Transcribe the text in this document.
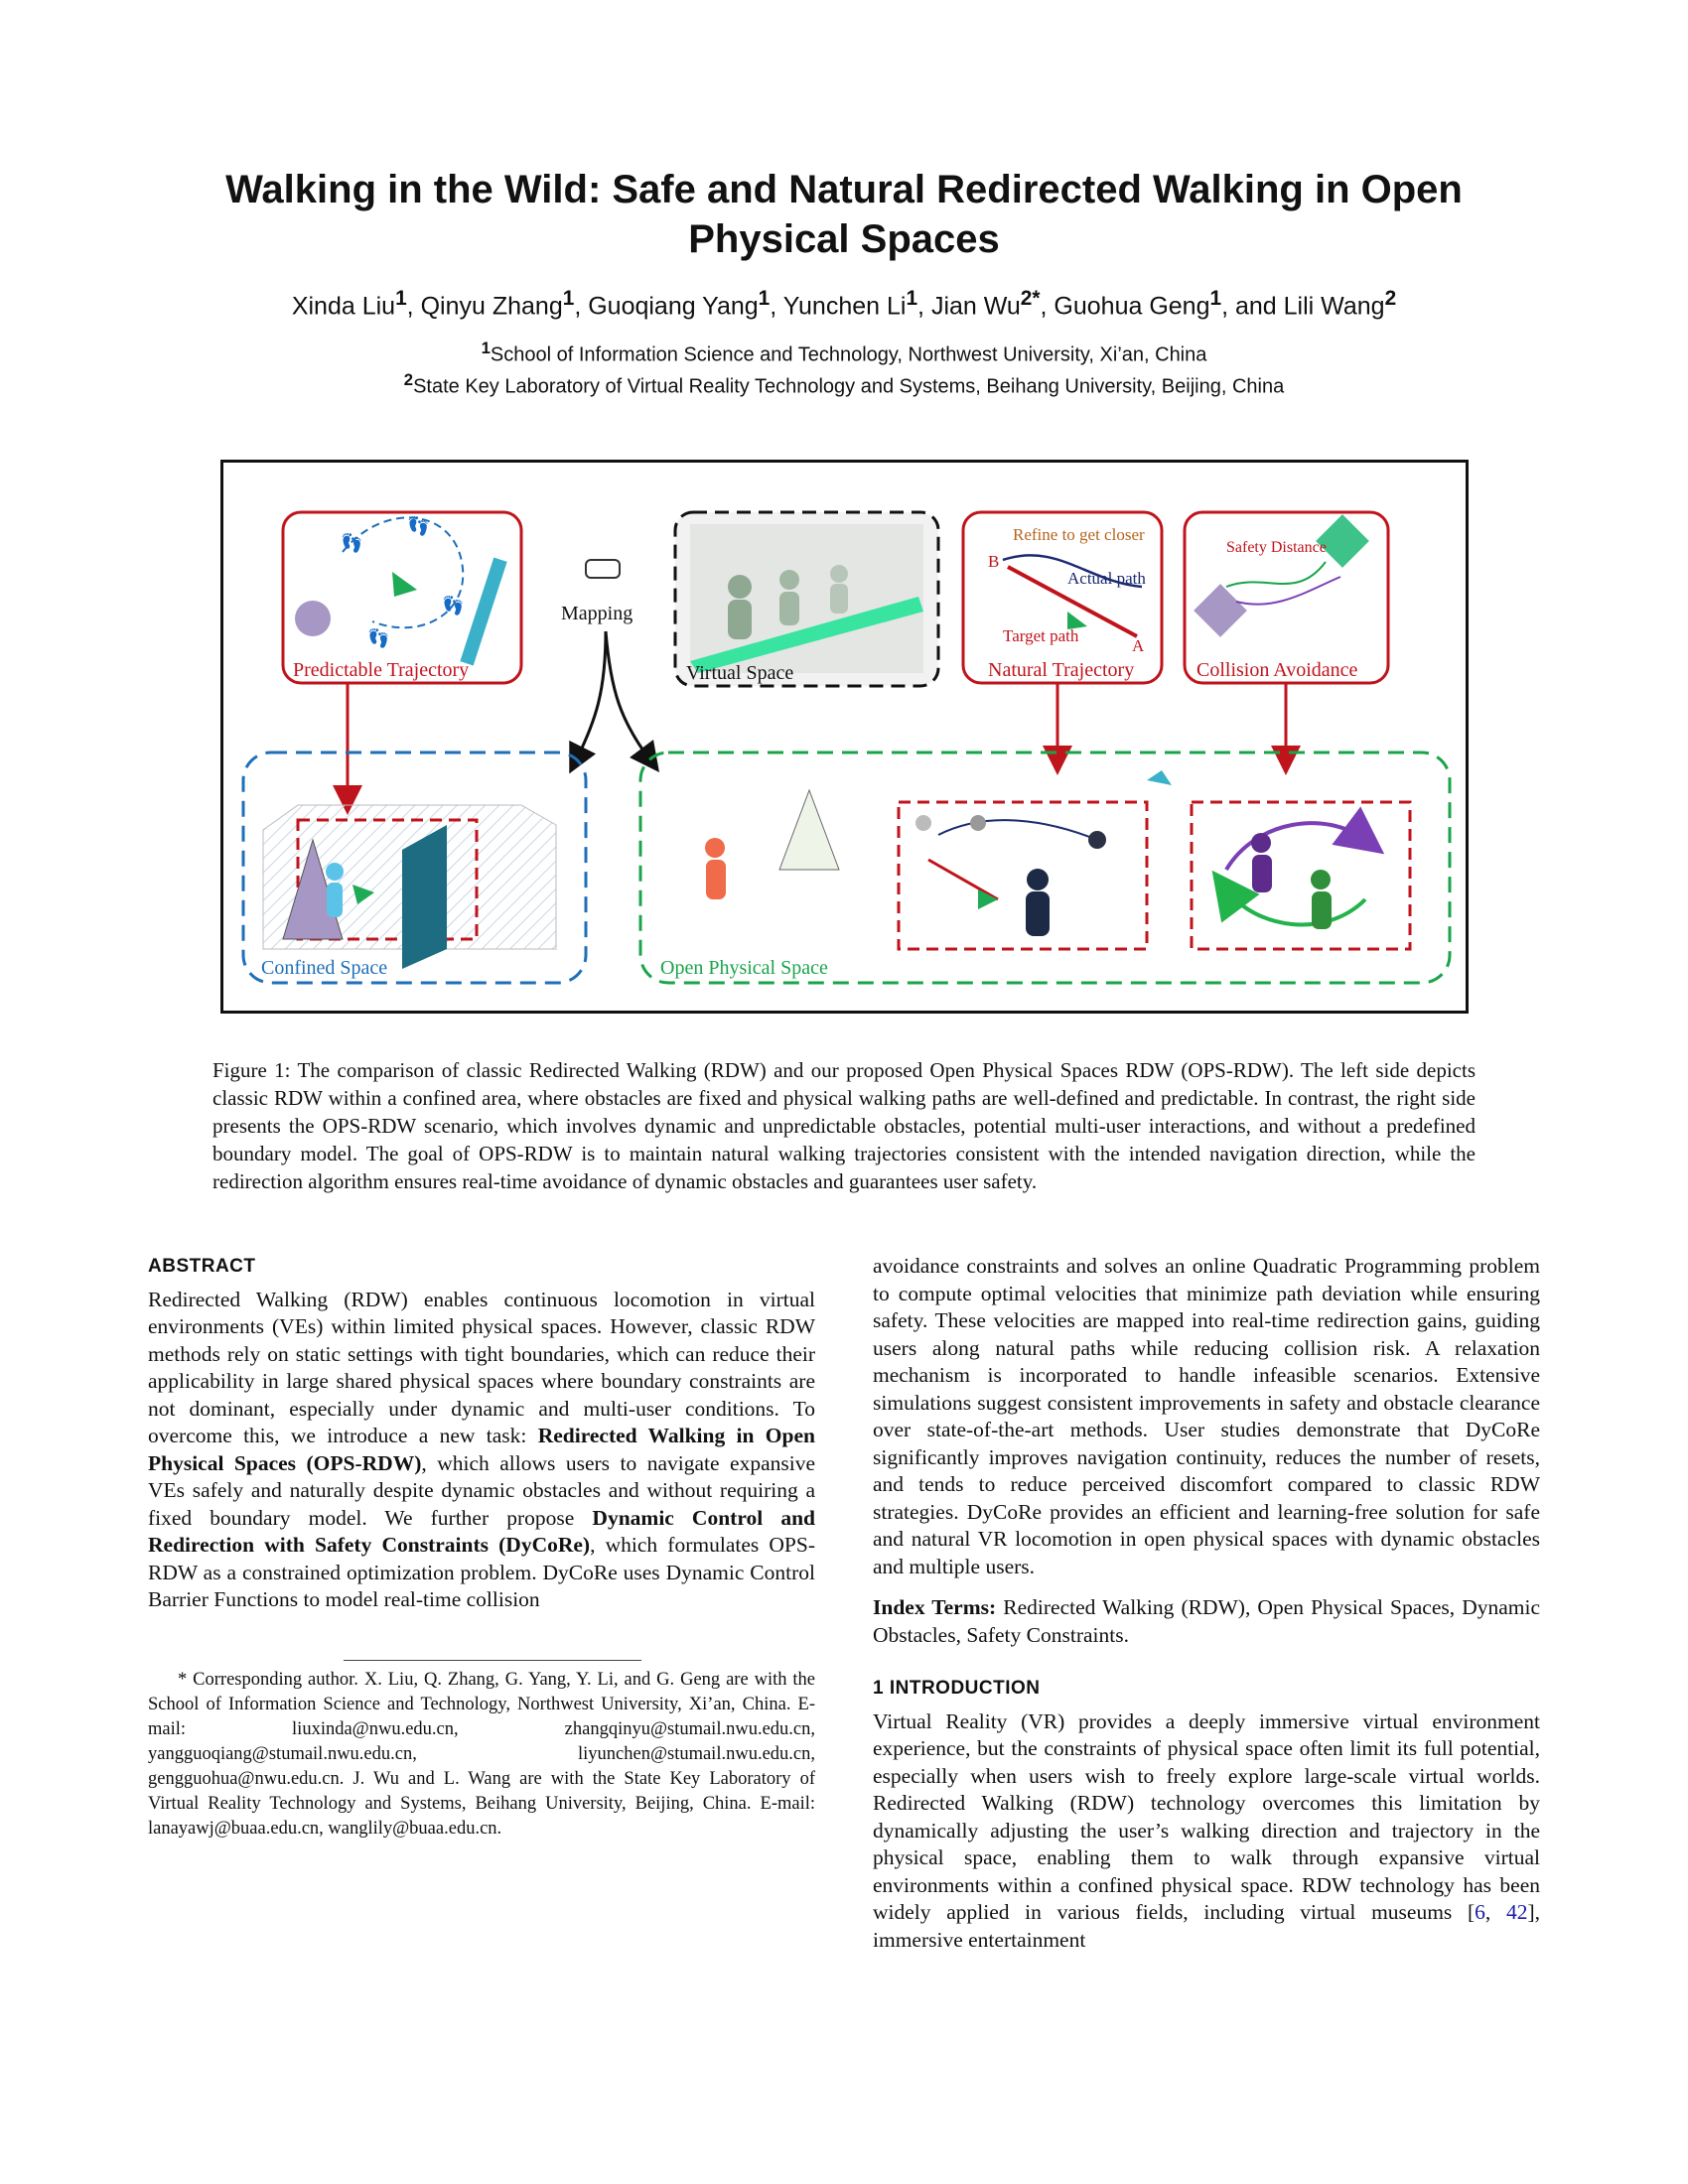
Walking in the Wild: Safe and Natural Redirected Walking in Open
Physical Spaces
Xinda Liu$^1$, Qinyu Zhang$^1$, Guoqiang Yang$^1$, Yunchen Li$^1$, Jian $Wu^{2*}$, Guohua Geng$^1$, and Lili Wang$^2$
$^1$School of Information Science and Technology, Northwest University, Xi’an, China
$^2$State Key Laboratory of Virtual Reality Technology and Systems, Beihang University, Beijing, China
👣
👣
👣
👣
Predictable Trajectory
Mapping
Virtual Space
Refine to get closer
B
Actual path
Target path
A
Natural Trajectory
Safety Distance
Collision Avoidance
Confined Space	Open Physical Space
Figure 1: The comparison of classic Redirected Walking (RDW) and our proposed Open Physical Spaces RDW (OPS-RDW). The left side depicts classic RDW within a confined area, where obstacles are fixed and physical walking paths are well-defined and predictable. In contrast, the right side presents the OPS-RDW scenario, which involves dynamic and unpredictable obstacles, potential multi-user interactions, and without a predefined boundary model. The goal of OPS-RDW is to maintain natural walking trajectories consistent with the intended navigation direction, while the redirection algorithm ensures real-time avoidance of dynamic obstacles and guarantees user safety.
ABSTRACT

Redirected Walking (RDW) enables continuous locomotion in virtual environments (VEs) within limited physical spaces. However, classic RDW methods rely on static settings with tight boundaries, which can reduce their applicability in large shared physical spaces where boundary constraints are not dominant, especially under dynamic and multi-user conditions. To overcome this, we introduce a new task: Redirected Walking in Open Physical Spaces (OPS-RDW), which allows users to navigate expansive VEs safely and naturally despite dynamic obstacles and without requiring a fixed boundary model. We further propose Dynamic Control and Redirection with Safety Constraints (DyCoRe), which formulates OPS-RDW as a constrained optimization problem. DyCoRe uses Dynamic Control Barrier Functions to model real-time collision

* Corresponding author. X. Liu, Q. Zhang, G. Yang, Y. Li, and G. Geng are with the School of Information Science and Technology, Northwest University, Xi’an, China. E-mail: liuxinda@nwu.edu.cn, zhangqinyu@stumail.nwu.edu.cn, yangguoqiang@stumail.nwu.edu.cn, liyunchen@stumail.nwu.edu.cn, gengguohua@nwu.edu.cn. J. Wu and L. Wang are with the State Key Laboratory of Virtual Reality Technology and Systems, Beihang University, Beijing, China. E-mail: lanayawj@buaa.edu.cn, wanglily@buaa.edu.cn.

avoidance constraints and solves an online Quadratic Programming problem to compute optimal velocities that minimize path deviation while ensuring safety. These velocities are mapped into real-time redirection gains, guiding users along natural paths while reducing collision risk. A relaxation mechanism is incorporated to handle infeasible scenarios. Extensive simulations suggest consistent improvements in safety and obstacle clearance over state-of-the-art methods. User studies demonstrate that DyCoRe significantly improves navigation continuity, reduces the number of resets, and tends to reduce perceived discomfort compared to classic RDW strategies. DyCoRe provides an efficient and learning-free solution for safe and natural VR locomotion in open physical spaces with dynamic obstacles and multiple users.

Index Terms: Redirected Walking (RDW), Open Physical Spaces, Dynamic Obstacles, Safety Constraints.

1 INTRODUCTION

Virtual Reality (VR) provides a deeply immersive virtual environment experience, but the constraints of physical space often limit its full potential, especially when users wish to freely explore large-scale virtual worlds. Redirected Walking (RDW) technology overcomes this limitation by dynamically adjusting the user’s walking direction and trajectory in the physical space, enabling them to walk through expansive virtual environments within a confined physical space. RDW technology has been widely applied in various fields, including virtual museums [6, 42], immersive entertainment
